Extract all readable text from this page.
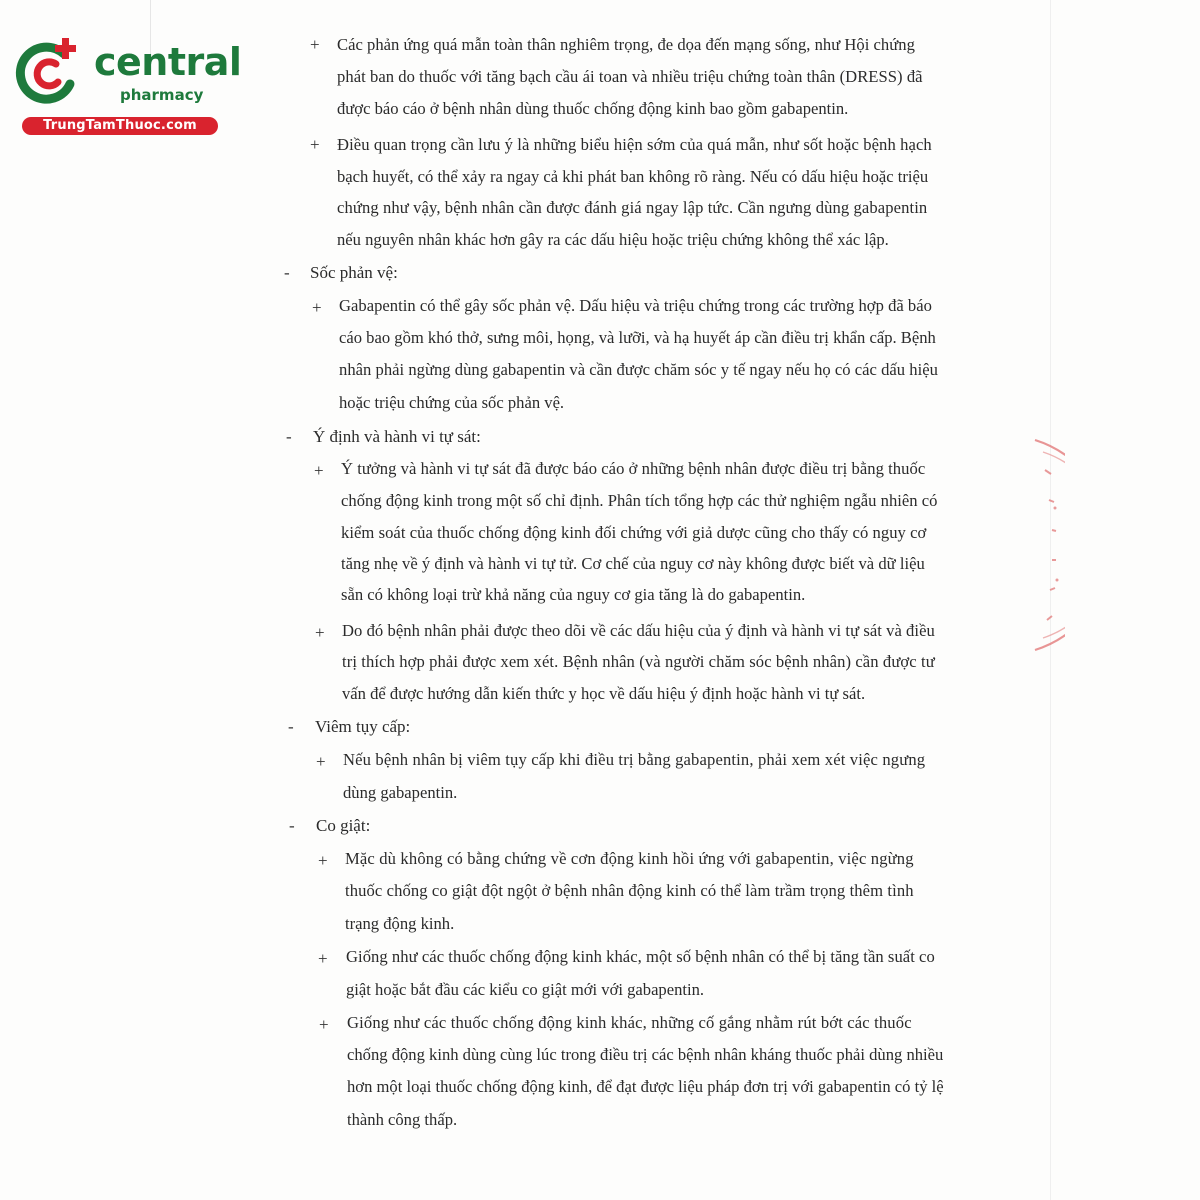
central
pharmacy
TrungTamThuoc.com
+ Các phản ứng quá mẫn toàn thân nghiêm trọng, đe dọa đến mạng sống, như Hội chứng
phát ban do thuốc với tăng bạch cầu ái toan và nhiều triệu chứng toàn thân (DRESS) đã
được báo cáo ở bệnh nhân dùng thuốc chống động kinh bao gồm gabapentin.
+ Điều quan trọng cần lưu ý là những biểu hiện sớm của quá mẫn, như sốt hoặc bệnh hạch
bạch huyết, có thể xảy ra ngay cả khi phát ban không rõ ràng. Nếu có dấu hiệu hoặc triệu
chứng như vậy, bệnh nhân cần được đánh giá ngay lập tức. Cần ngưng dùng gabapentin
nếu nguyên nhân khác hơn gây ra các dấu hiệu hoặc triệu chứng không thể xác lập.
- Sốc phản vệ:
+ Gabapentin có thể gây sốc phản vệ. Dấu hiệu và triệu chứng trong các trường hợp đã báo
cáo bao gồm khó thở, sưng môi, họng, và lưỡi, và hạ huyết áp cần điều trị khẩn cấp. Bệnh
nhân phải ngừng dùng gabapentin và cần được chăm sóc y tế ngay nếu họ có các dấu hiệu
hoặc triệu chứng của sốc phản vệ.
- Ý định và hành vi tự sát:
+ Ý tưởng và hành vi tự sát đã được báo cáo ở những bệnh nhân được điều trị bằng thuốc
chống động kinh trong một số chỉ định. Phân tích tổng hợp các thử nghiệm ngẫu nhiên có
kiểm soát của thuốc chống động kinh đối chứng với giả dược cũng cho thấy có nguy cơ
tăng nhẹ về ý định và hành vi tự tử. Cơ chế của nguy cơ này không được biết và dữ liệu
sẵn có không loại trừ khả năng của nguy cơ gia tăng là do gabapentin.
+ Do đó bệnh nhân phải được theo dõi về các dấu hiệu của ý định và hành vi tự sát và điều
trị thích hợp phải được xem xét. Bệnh nhân (và người chăm sóc bệnh nhân) cần được tư
vấn để được hướng dẫn kiến thức y học về dấu hiệu ý định hoặc hành vi tự sát.
- Viêm tụy cấp:
+ Nếu bệnh nhân bị viêm tụy cấp khi điều trị bằng gabapentin, phải xem xét việc ngưng
dùng gabapentin.
- Co giật:
+ Mặc dù không có bằng chứng về cơn động kinh hồi ứng với gabapentin, việc ngừng
thuốc chống co giật đột ngột ở bệnh nhân động kinh có thể làm trầm trọng thêm tình
trạng động kinh.
+ Giống như các thuốc chống động kinh khác, một số bệnh nhân có thể bị tăng tần suất co
giật hoặc bắt đầu các kiểu co giật mới với gabapentin.
+ Giống như các thuốc chống động kinh khác, những cố gắng nhằm rút bớt các thuốc
chống động kinh dùng cùng lúc trong điều trị các bệnh nhân kháng thuốc phải dùng nhiều
hơn một loại thuốc chống động kinh, để đạt được liệu pháp đơn trị với gabapentin có tỷ lệ
thành công thấp.
